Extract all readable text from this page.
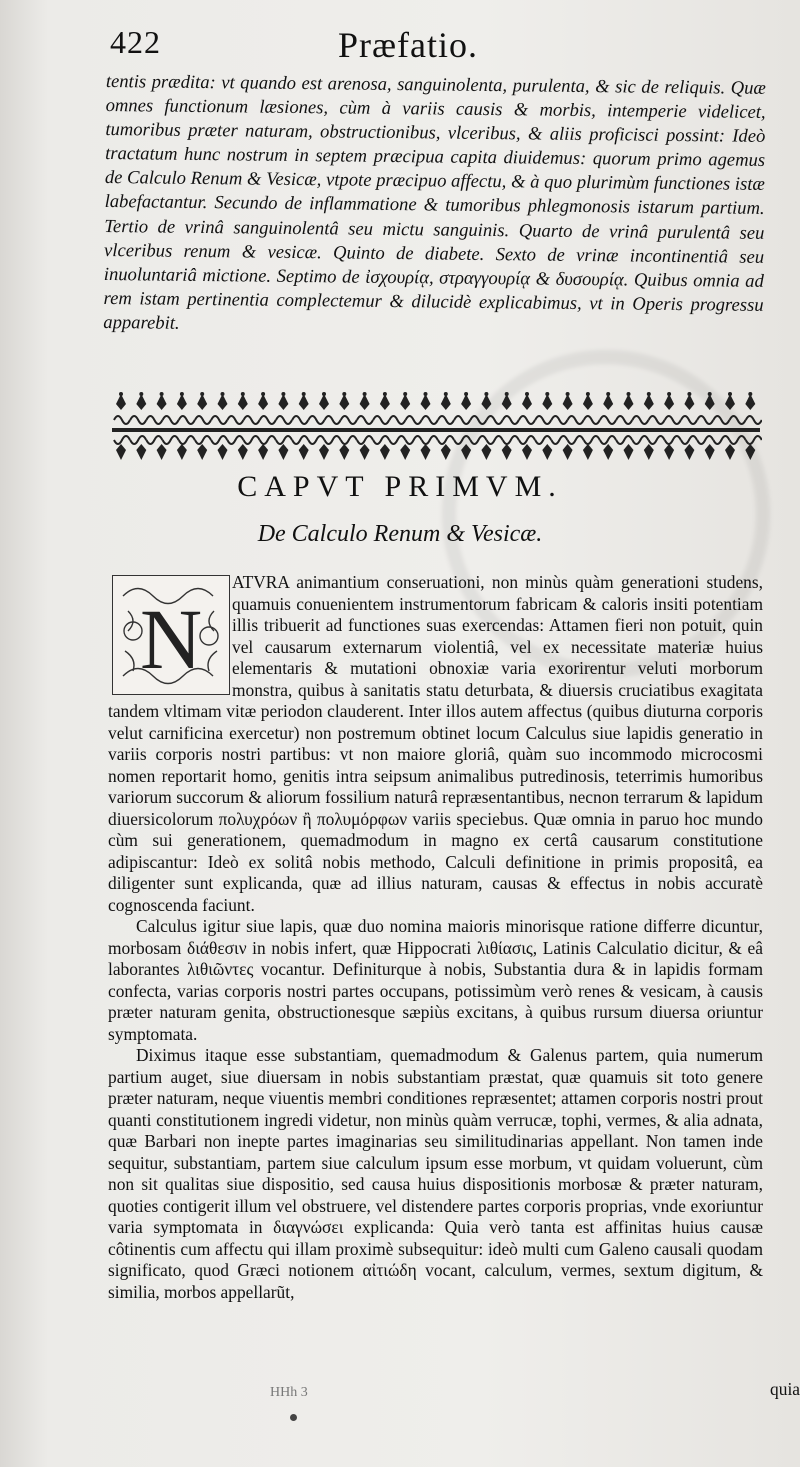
422	Præfatio.

tentis prædita: vt quando est arenosa, sanguinolenta, purulenta, & sic de reliquis. Quæ omnes functionum læsiones, cùm à variis causis & morbis, intemperie videlicet, tumoribus præter naturam, obstructionibus, vlceribus, & aliis proficisci possint: Ideò tractatum hunc nostrum in septem præcipua capita diuidemus: quorum primo agemus de Calculo Renum & Vesicæ, vtpote præcipuo affectu, & à quo plurimùm functiones istæ labefactantur. Secundo de inflammatione & tumoribus phlegmonosis istarum partium. Tertio de vrinâ sanguinolentâ seu mictu sanguinis. Quarto de vrinâ purulentâ seu vlceribus renum & vesicæ. Quinto de diabete. Sexto de vrinæ incontinentiâ seu inuoluntariâ mictione. Septimo de ἰσχουρίᾳ, στραγγουρίᾳ & δυσουρίᾳ. Quibus omnia ad rem istam pertinentia complectemur & dilucidè explicabimus, vt in Operis progressu apparebit.

CAPVT PRIMVM.
De Calculo Renum & Vesicæ.

ATVRA animantium conseruationi, non minùs quàm generationi studens, quamuis conuenientem instrumentorum fabricam & caloris insiti potentiam illis tribuerit ad functiones suas exercendas: Attamen fieri non potuit, quin vel causarum externarum violentiâ, vel ex necessitate materiæ huius elementaris & mutationi obnoxiæ varia exorirentur veluti morborum monstra, quibus à sanitatis statu deturbata, & diuersis cruciatibus exagitata tandem vltimam vitæ periodon clauderent. Inter illos autem affectus (quibus diuturna corporis velut carnificina exercetur) non postremum obtinet locum Calculus siue lapidis generatio in variis corporis nostri partibus: vt non maiore gloriâ, quàm suo incommodo microcosmi nomen reportarit homo, genitis intra seipsum animalibus putredinosis, teterrimis humoribus variorum succorum & aliorum fossilium naturâ repræsentantibus, necnon terrarum & lapidum diuersicolorum πολυχρόων ἢ πολυμόρφων variis speciebus. Quæ omnia in paruo hoc mundo cùm sui generationem, quemadmodum in magno ex certâ causarum constitutione adipiscantur: Ideò ex solitâ nobis methodo, Calculi definitione in primis propositâ, ea diligenter sunt explicanda, quæ ad illius naturam, causas & effectus in nobis accuratè cognoscenda faciunt.

Calculus igitur siue lapis, quæ duo nomina maioris minorisque ratione differre dicuntur, morbosam διάθεσιν in nobis infert, quæ Hippocrati λιθίασις, Latinis Calculatio dicitur, & eâ laborantes λιθιῶντες vocantur. Definiturque à nobis, Substantia dura & in lapidis formam confecta, varias corporis nostri partes occupans, potissimùm verò renes & vesicam, à causis præter naturam genita, obstructionesque sæpiùs excitans, à quibus rursum diuersa oriuntur symptomata.

Diximus itaque esse substantiam, quemadmodum & Galenus partem, quia numerum partium auget, siue diuersam in nobis substantiam præstat, quæ quamuis sit toto genere præter naturam, neque viuentis membri conditiones repræsentet; attamen corporis nostri prout quanti constitutionem ingredi videtur, non minùs quàm verrucæ, tophi, vermes, & alia adnata, quæ Barbari non inepte partes imaginarias seu similitudinarias appellant. Non tamen inde sequitur, substantiam, partem siue calculum ipsum esse morbum, vt quidam voluerunt, cùm non sit qualitas siue dispositio, sed causa huius dispositionis morbosæ & præter naturam, quoties contigerit illum vel obstruere, vel distendere partes corporis proprias, vnde exoriuntur varia symptomata in διαγνώσει explicanda: Quia verò tanta est affinitas huius causæ côtinentis cum affectu qui illam proximè subsequitur: ideò multi cum Galeno causali quodam significato, quod Græci notionem αἰτιώδη vocant, calculum, vermes, sextum digitum, & similia, morbos appellarũt,

N
HHh 3	quia
